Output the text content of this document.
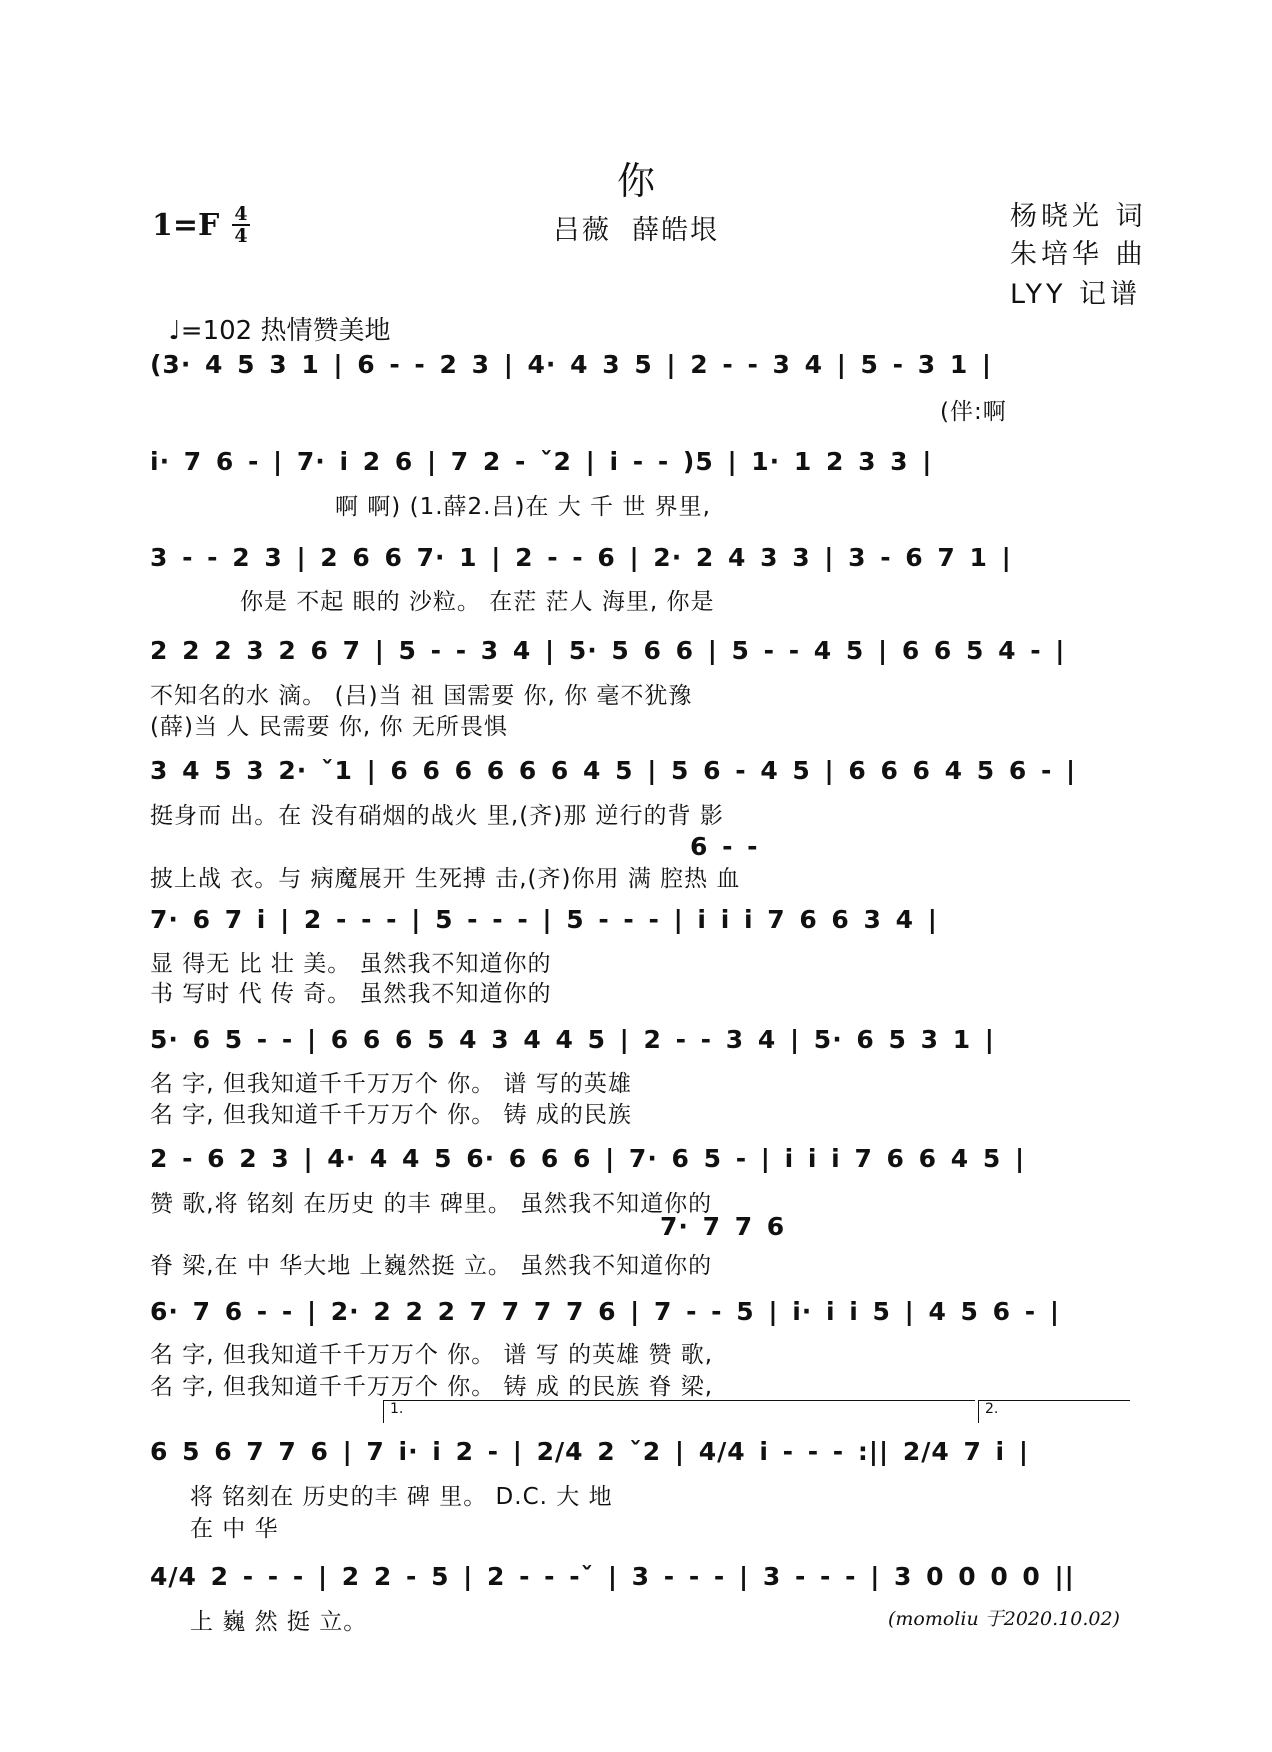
你
1=F 4
4	吕薇  薛皓垠	杨晓光 词
朱培华 曲
LYY 记谱

♩=102 热情赞美地

(3· 4 5 3 1 | 6 - - 2 3 | 4· 4 3 5 | 2 - - 3 4 | 5 - 3 1 |
(伴:啊
i· 7 6 - | 7· i 2 6 | 7 2 - ˇ2 | i - - )5 | 1· 1 2 3 3 |
啊 啊) (1.薛2.吕)在 大 千 世 界里,
3 - - 2 3 | 2 6 6 7· 1 | 2 - - 6 | 2· 2 4 3 3 | 3 - 6 7 1 |
你是 不起 眼的 沙粒。 在茫 茫人 海里, 你是
2 2 2 3 2 6 7 | 5 - - 3 4 | 5· 5 6 6 | 5 - - 4 5 | 6 6 5 4 - |
不知名的水 滴。 (吕)当 祖 国需要 你, 你 毫不犹豫
(薛)当 人 民需要 你, 你 无所畏惧
3 4 5 3 2· ˇ1 | 6 6 6 6 6 6 4 5 | 5 6 - 4 5 | 6 6 6 4 5 6 - |
挺身而 出。在 没有硝烟的战火 里,(齐)那 逆行的背 影
6 - -
披上战 衣。与 病魔展开 生死搏 击,(齐)你用 满 腔热 血
7· 6 7 i | 2 - - - | 5 - - - | 5 - - - | i i i 7 6 6 3 4 |
显 得无 比 壮 美。 虽然我不知道你的
书 写时 代 传 奇。 虽然我不知道你的
5· 6 5 - - | 6 6 6 5 4 3 4 4 5 | 2 - - 3 4 | 5· 6 5 3 1 |
名 字, 但我知道千千万万个 你。 谱 写的英雄
名 字, 但我知道千千万万个 你。 铸 成的民族
2 - 6 2 3 | 4· 4 4 5 6· 6 6 6 | 7· 6 5 - | i i i 7 6 6 4 5 |
赞 歌,将 铭刻 在历史 的丰 碑里。 虽然我不知道你的
7· 7 7 6
脊 梁,在 中 华大地 上巍然挺 立。 虽然我不知道你的
6· 7 6 - - | 2· 2 2 2 7 7 7 7 6 | 7 - - 5 | i· i i 5 | 4 5 6 - |
名 字, 但我知道千千万万个 你。 谱 写 的英雄 赞 歌,
名 字, 但我知道千千万万个 你。 铸 成 的民族 脊 梁,
1.	2.
6 5 6 7 7 6 | 7 i· i 2 - | 2/4 2 ˇ2 | 4/4 i - - - :|| 2/4 7 i |
将 铭刻在 历史的丰 碑 里。 D.C. 大 地
在 中 华
4/4 2 - - - | 2 2 - 5 | 2 - - -ˇ | 3 - - - | 3 - - - | 3 0 0 0 0 ||
上 巍 然 挺 立。	(momoliu 于2020.10.02)
